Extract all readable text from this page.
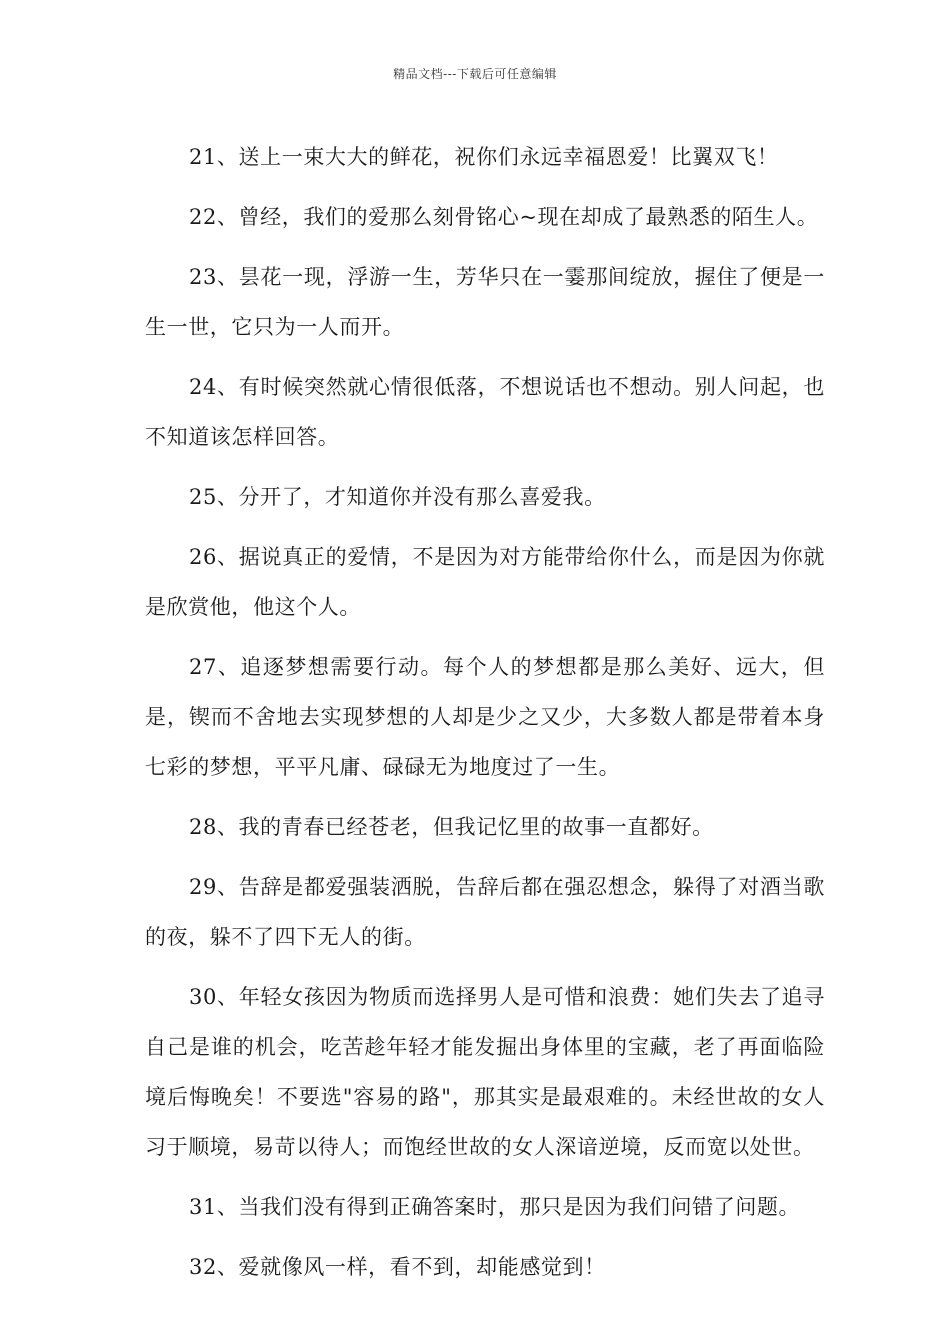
精品文档---下载后可任意编辑

21、送上一束大大的鲜花，祝你们永远幸福恩爱！比翼双飞！

22、曾经，我们的爱那么刻骨铭心~现在却成了最熟悉的陌生人。

23、昙花一现，浮游一生，芳华只在一霎那间绽放，握住了便是一生一世，它只为一人而开。

24、有时候突然就心情很低落，不想说话也不想动。别人问起，也不知道该怎样回答。

25、分开了，才知道你并没有那么喜爱我。

26、据说真正的爱情，不是因为对方能带给你什么，而是因为你就是欣赏他，他这个人。

27、追逐梦想需要行动。每个人的梦想都是那么美好、远大，但是，锲而不舍地去实现梦想的人却是少之又少，大多数人都是带着本身七彩的梦想，平平凡庸、碌碌无为地度过了一生。

28、我的青春已经苍老，但我记忆里的故事一直都好。

29、告辞是都爱强装洒脱，告辞后都在强忍想念，躲得了对酒当歌的夜，躲不了四下无人的街。

30、年轻女孩因为物质而选择男人是可惜和浪费：她们失去了追寻自己是谁的机会，吃苦趁年轻才能发掘出身体里的宝藏，老了再面临险境后悔晚矣！不要选"容易的路"，那其实是最艰难的。未经世故的女人习于顺境，易苛以待人；而饱经世故的女人深谙逆境，反而宽以处世。

31、当我们没有得到正确答案时，那只是因为我们问错了问题。

32、爱就像风一样，看不到，却能感觉到！
